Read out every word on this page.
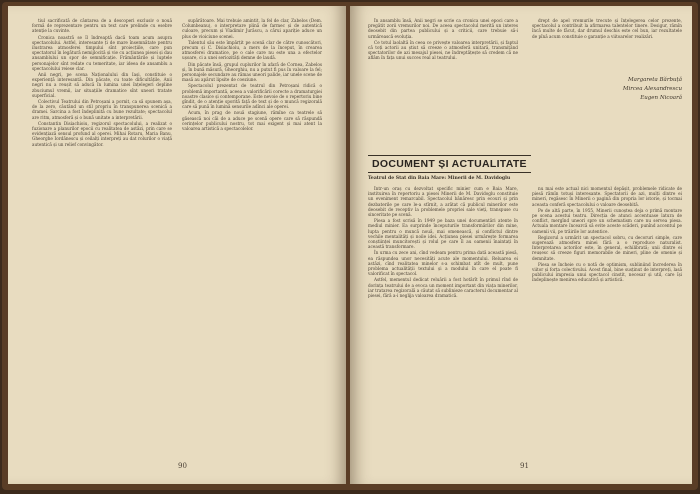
tiul sacrificată de cântarea de a descoperi exclusiv o nouă formă de reprezentare pentru un text care prelinde cu esebre atenție la cuvinte.

Cronica noastră se îl îndreaptă dacă toam acum asupra spectacolului. Astfel, interesante ți de mare însemnătate pentru ilustrarea atmosferei timpului sînt proiecțiile, care pun spectatorul în legătură nemijlocită și vie cu acțiunea piesei și dau ansamblului un spor de semnificație. Frământările și luptele personajelor sînt redate cu temeritate, iar ideea de ansamblu a spectacolului reiese clar.

Anii negri, pe scena Naționalului din Iași, constituie o experiență interesantă. Din păcate, cu toate dificultățile, Anii negri nu a reușit să aducă în lumina unei înțelegeri depline zbuciumul vremii, iar situațiile dramatice sînt uneori tratate superficial.

Colectivul Teatrului din Petroșani a pornit, ca să spunem așa, de la zero, căutând un stil propriu în transpunerea scenică a dramei. Sarcina a fost îndeplinită cu bune rezultate; spectacolul are ritm, atmosferă și o bună unitate a interpretării.

Constantin Disiachioiu, regizorul spectacolului, a realizat o fuzionare a planurilor epocii cu realitatea de astăzi, prin care se evidențiază sensul profund al operei. Mihai Rotaru, Maria Banu, Gheorghe Iordănescu și ceilalți interpreți au dat rolurilor o viață autentică și un relief convingător.

supărătoare. Mai trebuie amintit, la fel de clar, Zabelos (Dem. Columbeanu), o interpretare plină de farmec și de autentică culoare, precum și Vladimir Jurăscu, a cărui apariție aduce un plus de vioiciune scenei.

Talentul său este împărțit pe scenă clar de către cunoscători, precum și C. Disiachioiu, a mers de la început, în crearea atmosferei dramatice, pe o cale care nu este una a efectelor ușoare, ci a unei seriozități demne de laudă.

Din păcate însă, grupul cuplurilor în afară de Cornea, Zabelos și, în bună măsură, Gheorghiu, nu a putut fi pus în valoare la fel; personajele secundare au rămas uneori palide, iar unele scene de masă au apărut lipsite de coeziune.

Spectacolul prezentat de teatrul din Petroșani ridică o problemă importantă, aceea a valorificării corecte a dramaturgiei noastre clasice și contemporane. Este nevoie de o repertoriu bine gîndit, de o atenție sporită față de text și de o muncă regizorală care să pună în lumină sensurile adînci ale operei.

Acum, în prag de nouă stagiune, rămîne ca teatrele să găsească noi căi de a aduce pe scenă opere care să răspundă cerințelor publicului nostru, tot mai exigent și mai atent la valoarea artistică a spectacolelor.

90

În ansamblu însă, Anii negri se scrie ca cronica unei epoci care a pregătit zorii vremurilor noi. De aceea spectacolul merită un interes deosebit din partea publicului și a criticii, care trebuie să-i urmărească evoluția.

Ce totul laolaltă în ceea ce privește valoarea interpretării, și faptul că toți actorii au știut să creeze o atmosferă unitară, transmițând spectatorilor de azi mesajul piesei, ne îndreptățește să credem că ne aflăm în fața unui succes real al teatrului.

drept de apel vremurile trecute și înțelegerea celor prezente, spectacolul a contribuit la afirmarea talentelor tinere. Desigur, rămîn încă multe de făcut, dar drumul deschis este cel bun, iar rezultatele de pînă acum constituie o garanție a viitoarelor realizări.

Margareta Bărbuță
Mircea Alexandrescu
Eugen Nicoară
DOCUMENT ȘI ACTUALITATE
Teatrul de Stat din Baia Mare: Minerii de M. Davidoglu

Într-un oraș cu dezvoltat specific minier cum e Baia Mare, instituirea în repertoriu a piesei Minerii de M. Davidoglu constituie un eveniment remarcabil. Spectacolul bănăresc prin ecouri și prin dezbaterile pe care le-a stîrnit, a arătat că publicul minerilor este deosebit de receptiv la problemele propriei sale vieți, transpuse cu sinceritate pe scenă.

Piesa a fost scrisă în 1949 pe baza unei documentări atente în mediul minier. Ea surprinde începuturile transformărilor din mine, lupta pentru o muncă nouă, mai omenească, și conflictul dintre vechile mentalități și noile idei. Acțiunea piesei urmărește formarea conștiinței muncitorești și rolul pe care îl au oamenii înaintați în această transformare.

În urma cu zece ani, cînd vedeam pentru prima dată această piesă, ea răspundea unor necesități acute ale momentului. Reluarea ei astăzi, cînd realitatea minelor s-a schimbat atît de mult, pune problema actualității textului și a modului în care el poate fi valorificat în spectacol.

Astfel, mementul dedicat reluării a fost hotărît în primul rînd de dorința teatrului de a evoca un moment important din viața minerilor, iar tratarea regizorală a căutat să sublinieze caracterul documentar al piesei, fără a-i neglija valoarea dramatică.

nu mai este actual nici momentul depășit, problemele ridicate de piesă rămîn totuși interesante. Spectatorii de azi, mulți dintre ei mineri, regăsesc în Minerii o pagină din propria lor istorie, și tocmai aceasta conferă spectacolului o valoare deosebită.

Pe de altă parte, în 1955, Minerii cunoștea deja o primă montare pe scena acestui teatru. Direcția de atunci accentuase latura de conflict, mergînd uneori spre un schematism care nu servea piesa. Actuala montare încearcă să evite aceste scăderi, punînd accentul pe oamenii vii, pe trăirile lor autentice.

Regizorul a urmărit un spectacol sobru, cu decoruri simple, care sugerează atmosfera minei fără a o reproduce naturalist. Interpretarea actorilor este, în general, echilibrată; unii dintre ei reușesc să creeze figuri memorabile de mineri, pline de omenie și demnitate.

Piesa se încheie cu o notă de optimism, subliniind încrederea în viitor și forța colectivului. Acest final, bine susținut de interpreți, lasă publicului impresia unui spectacol cinstit, necesar și util, care își îndeplinește menirea educativă și artistică.

91
